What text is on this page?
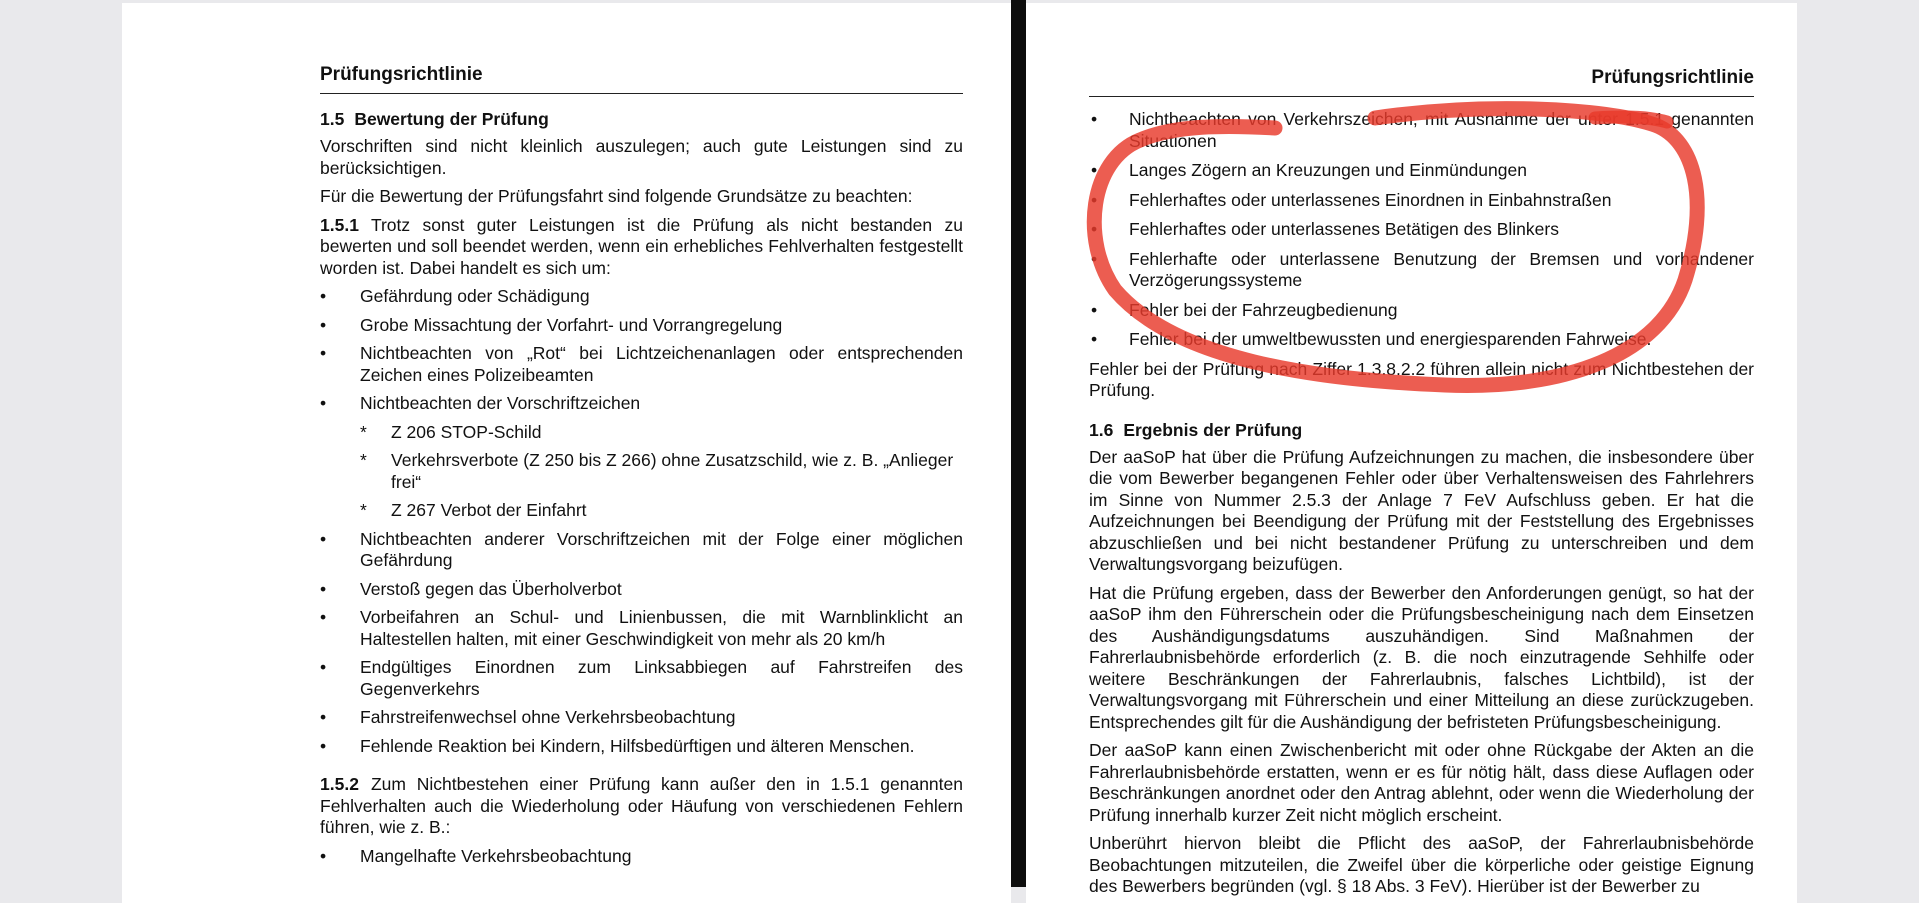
Prüfungsrichtlinie
1.5 Bewertung der Prüfung

Vorschriften sind nicht kleinlich auszulegen; auch gute Leistungen sind zu berücksichtigen.

Für die Bewertung der Prüfungsfahrt sind folgende Grundsätze zu beachten:

1.5.1 Trotz sonst guter Leistungen ist die Prüfung als nicht bestanden zu bewerten und soll beendet werden, wenn ein erhebliches Fehlverhalten festgestellt worden ist. Dabei handelt es sich um:

• Gefährdung oder Schädigung
• Grobe Missachtung der Vorfahrt- und Vorrangregelung
• Nichtbeachten von „Rot“ bei Lichtzeichenanlagen oder entsprechenden Zeichen eines Polizeibeamten
• Nichtbeachten der Vorschriftzeichen
* Z 206 STOP-Schild
* Verkehrsverbote (Z 250 bis Z 266) ohne Zusatzschild, wie z. B. „Anlieger frei“
* Z 267 Verbot der Einfahrt
• Nichtbeachten anderer Vorschriftzeichen mit der Folge einer möglichen Gefährdung
• Verstoß gegen das Überholverbot
• Vorbeifahren an Schul- und Linienbussen, die mit Warnblinklicht an Haltestellen halten, mit einer Geschwindigkeit von mehr als 20 km/h
• Endgültiges Einordnen zum Linksabbiegen auf Fahrstreifen des Gegenverkehrs
• Fahrstreifenwechsel ohne Verkehrsbeobachtung
• Fehlende Reaktion bei Kindern, Hilfsbedürftigen und älteren Menschen.

1.5.2 Zum Nichtbestehen einer Prüfung kann außer den in 1.5.1 genannten Fehlverhalten auch die Wiederholung oder Häufung von verschiedenen Fehlern führen, wie z. B.:

• Mangelhafte Verkehrsbeobachtung
Prüfungsrichtlinie
• Nichtbeachten von Verkehrszeichen, mit Ausnahme der unter 1.5.1 genannten Situationen
• Langes Zögern an Kreuzungen und Einmündungen
• Fehlerhaftes oder unterlassenes Einordnen in Einbahnstraßen
• Fehlerhaftes oder unterlassenes Betätigen des Blinkers
• Fehlerhafte oder unterlassene Benutzung der Bremsen und vorhandener Verzögerungssysteme
• Fehler bei der Fahrzeugbedienung
• Fehler bei der umweltbewussten und energiesparenden Fahrweise.

Fehler bei der Prüfung nach Ziffer 1.3.8.2.2 führen allein nicht zum Nichtbestehen der Prüfung.

1.6 Ergebnis der Prüfung

Der aaSoP hat über die Prüfung Aufzeichnungen zu machen, die insbesondere über die vom Bewerber begangenen Fehler oder über Verhaltensweisen des Fahrlehrers im Sinne von Nummer 2.5.3 der Anlage 7 FeV Aufschluss geben. Er hat die Aufzeichnungen bei Beendigung der Prüfung mit der Feststellung des Ergebnisses abzuschließen und bei nicht bestandener Prüfung zu unterschreiben und dem Verwaltungsvorgang beizufügen.

Hat die Prüfung ergeben, dass der Bewerber den Anforderungen genügt, so hat der aaSoP ihm den Führerschein oder die Prüfungsbescheinigung nach dem Einsetzen des Aushändigungsdatums auszuhändigen. Sind Maßnahmen der Fahrerlaubnisbehörde erforderlich (z. B. die noch einzutragende Sehhilfe oder weitere Beschränkungen der Fahrerlaubnis, falsches Lichtbild), ist der Verwaltungsvorgang mit Führerschein und einer Mitteilung an diese zurückzugeben. Entsprechendes gilt für die Aushändigung der befristeten Prüfungsbescheinigung.

Der aaSoP kann einen Zwischenbericht mit oder ohne Rückgabe der Akten an die Fahrerlaubnisbehörde erstatten, wenn er es für nötig hält, dass diese Auflagen oder Beschränkungen anordnet oder den Antrag ablehnt, oder wenn die Wiederholung der Prüfung innerhalb kurzer Zeit nicht möglich erscheint.

Unberührt hiervon bleibt die Pflicht des aaSoP, der Fahrerlaubnisbehörde Beobachtungen mitzuteilen, die Zweifel über die körperliche oder geistige Eignung des Bewerbers begründen (vgl. § 18 Abs. 3 FeV). Hierüber ist der Bewerber zu
